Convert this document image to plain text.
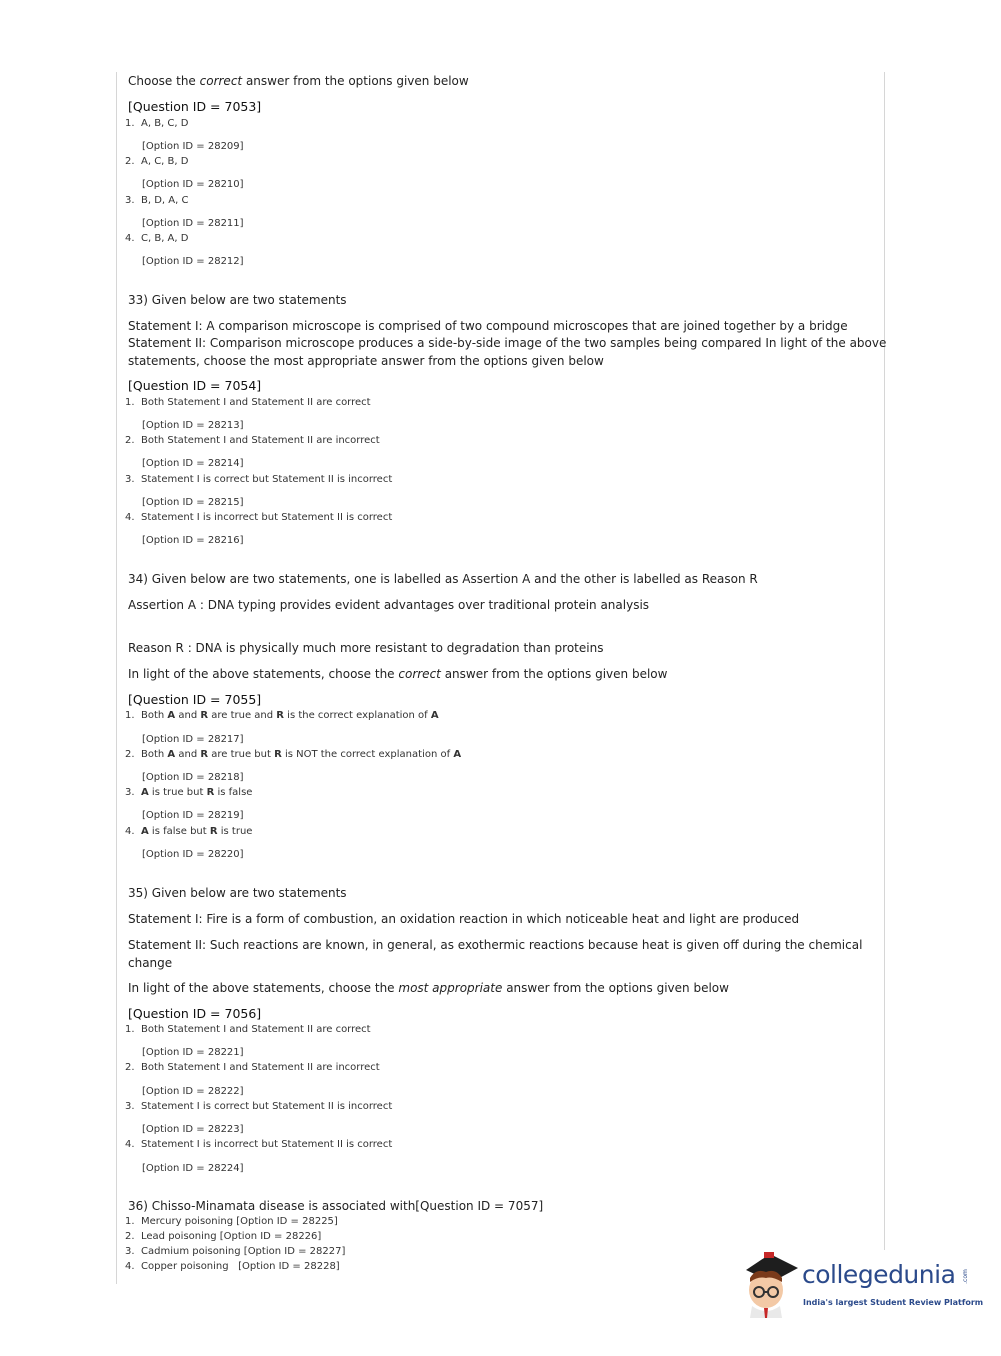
Choose the correct answer from the options given below
[Question ID = 7053]
1. A, B, C, D
[Option ID = 28209]
2. A, C, B, D
[Option ID = 28210]
3. B, D, A, C
[Option ID = 28211]
4. C, B, A, D
[Option ID = 28212]
33) Given below are two statements
Statement I: A comparison microscope is comprised of two compound microscopes that are joined together by a bridge
Statement II: Comparison microscope produces a side-by-side image of the two samples being compared In light of the above
statements, choose the most appropriate answer from the options given below
[Question ID = 7054]
1. Both Statement I and Statement II are correct
[Option ID = 28213]
2. Both Statement I and Statement II are incorrect
[Option ID = 28214]
3. Statement I is correct but Statement II is incorrect
[Option ID = 28215]
4. Statement I is incorrect but Statement II is correct
[Option ID = 28216]
34) Given below are two statements, one is labelled as Assertion A and the other is labelled as Reason R
Assertion A : DNA typing provides evident advantages over traditional protein analysis
Reason R : DNA is physically much more resistant to degradation than proteins
In light of the above statements, choose the correct answer from the options given below
[Question ID = 7055]
1. Both A and R are true and R is the correct explanation of A
[Option ID = 28217]
2. Both A and R are true but R is NOT the correct explanation of A
[Option ID = 28218]
3. A is true but R is false
[Option ID = 28219]
4. A is false but R is true
[Option ID = 28220]
35) Given below are two statements
Statement I: Fire is a form of combustion, an oxidation reaction in which noticeable heat and light are produced
Statement II: Such reactions are known, in general, as exothermic reactions because heat is given off during the chemical change
In light of the above statements, choose the most appropriate answer from the options given below
[Question ID = 7056]
1. Both Statement I and Statement II are correct
[Option ID = 28221]
2. Both Statement I and Statement II are incorrect
[Option ID = 28222]
3. Statement I is correct but Statement II is incorrect
[Option ID = 28223]
4. Statement I is incorrect but Statement II is correct
[Option ID = 28224]
36) Chisso-Minamata disease is associated with[Question ID = 7057]
1. Mercury poisoning [Option ID = 28225]
2. Lead poisoning [Option ID = 28226]
3. Cadmium poisoning [Option ID = 28227]
4. Copper poisoning   [Option ID = 28228]	collegedunia .com
India's largest Student Review Platform
